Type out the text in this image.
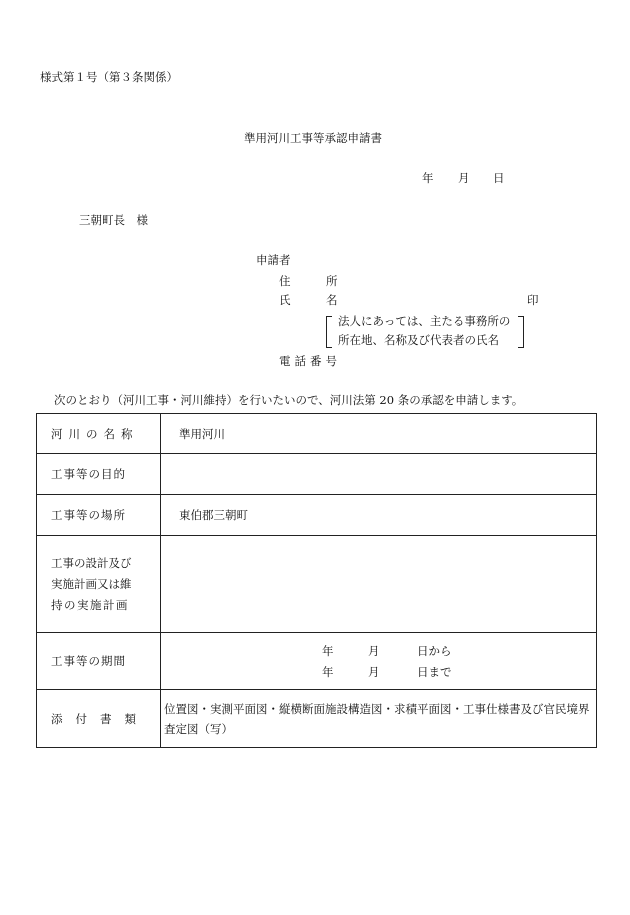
様式第１号（第３条関係）
準用河川工事等承認申請書
年 月 日
三朝町長　様
申請者
住	所
氏	名	印
法人にあっては、主たる事務所の
所在地、名称及び代表者の氏名
電話番号
次のとおり（河川工事・河川維持）を行いたいので、河川法第 20 条の承認を申請します。
河川の名称	準用河川
工事等の目的	
工事等の場所	東伯郡三朝町

工事の設計及び
実施計画又は維
持の実施計画	

工事等の期間	年 月 日から
年 月 日まで

添付書類	位置図・実測平面図・縦横断面施設構造図・求積平面図・工事仕様書及び官民境界
査定図（写）
